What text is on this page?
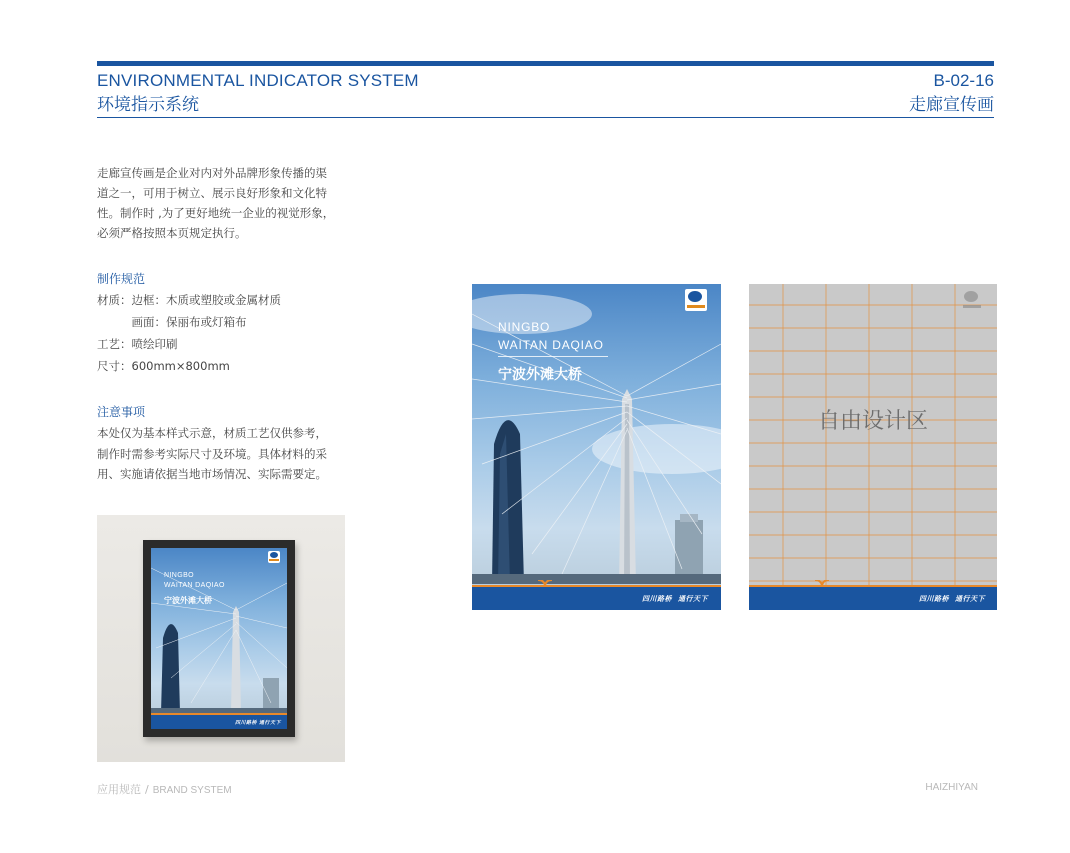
ENVIRONMENTAL INDICATOR SYSTEM
环境指示系统
B-02-16
走廊宣传画
走廊宣传画是企业对内对外品牌形象传播的渠道之一，可用于树立、展示良好形象和文化特性。制作时 ,为了更好地统一企业的视觉形象，必须严格按照本页规定执行。
制作规范
材质：边框：木质或塑胶或金属材质
　　　画面：保丽布或灯箱布
工艺：喷绘印刷
尺寸：600mm×800mm
注意事项
本处仅为基本样式示意，材质工艺仅供参考，制作时需参考实际尺寸及环境。具体材料的采用、实施请依据当地市场情况、实际需要定。
NINGBO
WAITAN DAQIAO
宁波外滩大桥
四川路桥 通行天下
自由设计区
四川路桥 通行天下
NINGBO
WAITAN DAQIAO
宁波外滩大桥
四川路桥 通行天下
应用规范 / BRAND SYSTEM	HAIZHIYAN
